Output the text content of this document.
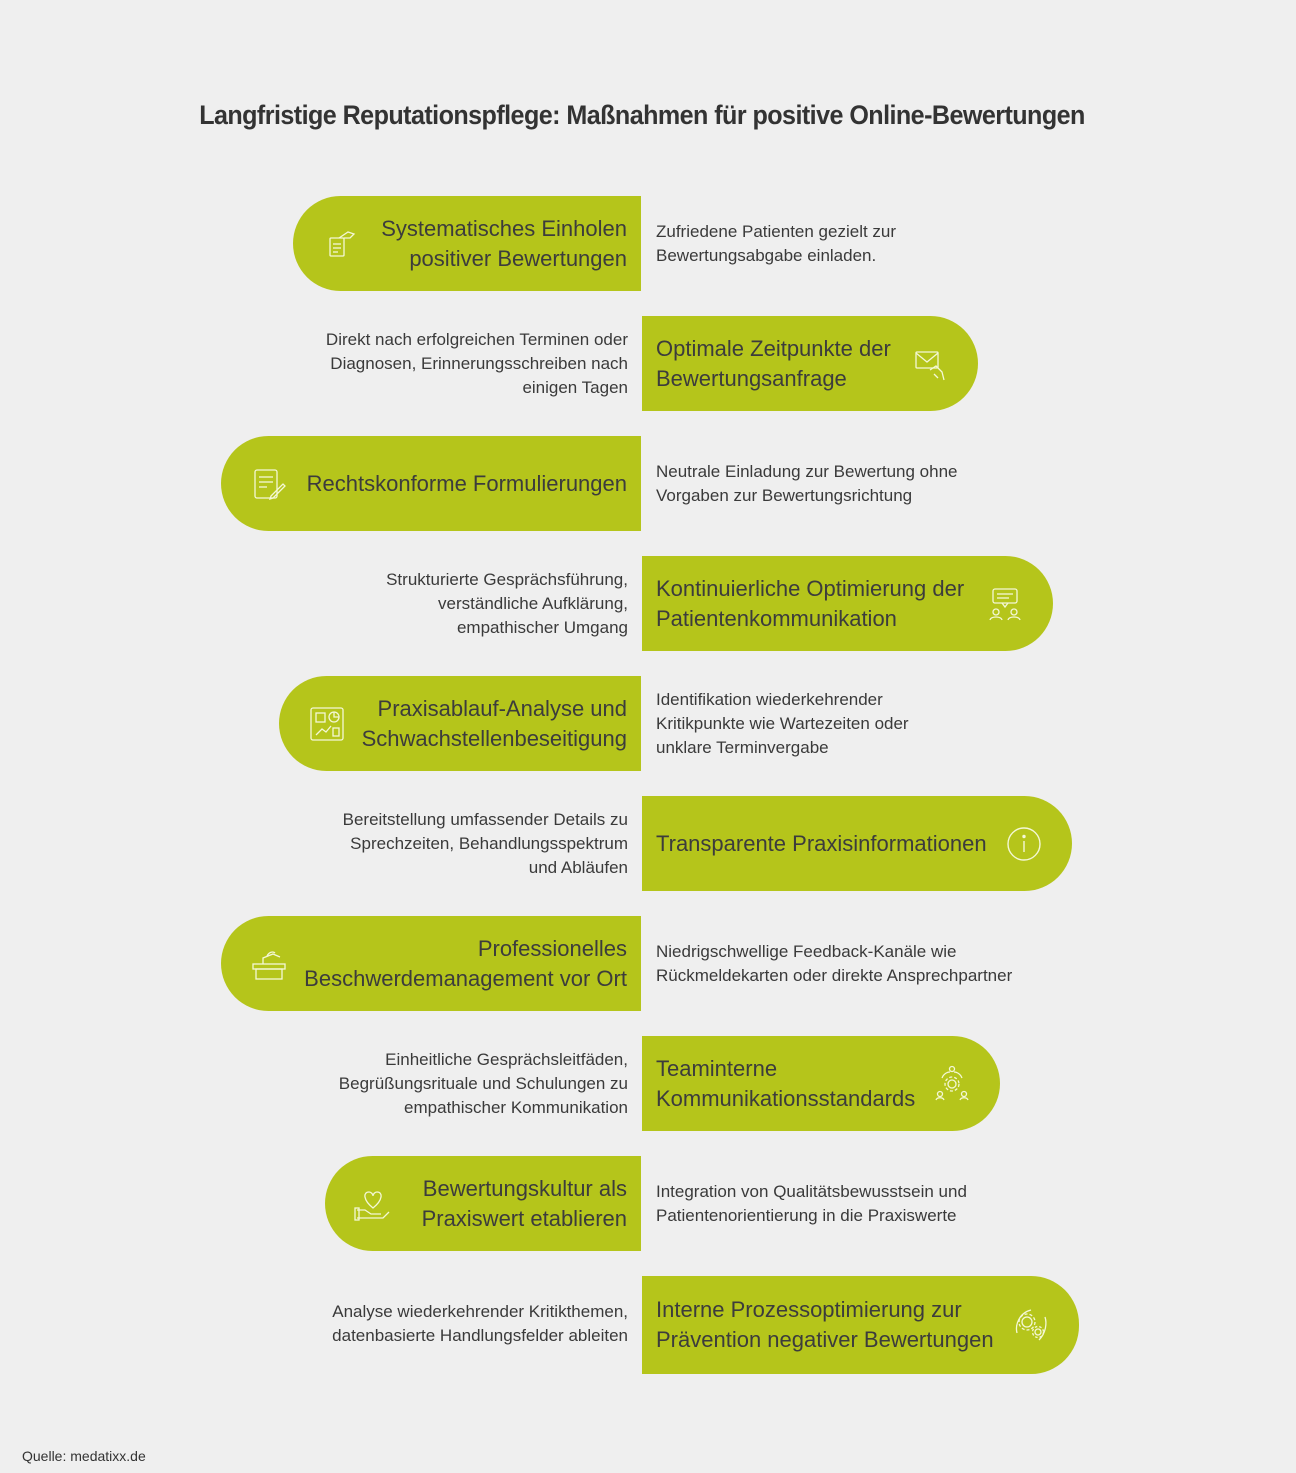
Langfristige Reputationspflege: Maßnahmen für positive Online-Bewertungen
Systematisches Einholen
positiver Bewertungen
Zufriedene Patienten gezielt zur
Bewertungsabgabe einladen.
Optimale Zeitpunkte der
Bewertungsanfrage
Direkt nach erfolgreichen Terminen oder
Diagnosen, Erinnerungsschreiben nach
einigen Tagen
Rechtskonforme Formulierungen Neutrale Einladung zur Bewertung ohne
Vorgaben zur Bewertungsrichtung
Kontinuierliche Optimierung der
Patientenkommunikation
Strukturierte Gesprächsführung,
verständliche Aufklärung,
empathischer Umgang
Praxisablauf-Analyse und
Schwachstellenbeseitigung
Identifikation wiederkehrender
Kritikpunkte wie Wartezeiten oder
unklare Terminvergabe
Transparente Praxisinformationen
Bereitstellung umfassender Details zu
Sprechzeiten, Behandlungsspektrum
und Abläufen
Professionelles
Beschwerdemanagement vor Ort
Niedrigschwellige Feedback-Kanäle wie
Rückmeldekarten oder direkte Ansprechpartner
Teaminterne
Kommunikationsstandards
Einheitliche Gesprächsleitfäden,
Begrüßungsrituale und Schulungen zu
empathischer Kommunikation
Bewertungskultur als
Praxiswert etablieren
Integration von Qualitätsbewusstsein und
Patientenorientierung in die Praxiswerte
Interne Prozessoptimierung zur
Prävention negativer Bewertungen
Analyse wiederkehrender Kritikthemen,
datenbasierte Handlungsfelder ableiten
Quelle: medatixx.de
